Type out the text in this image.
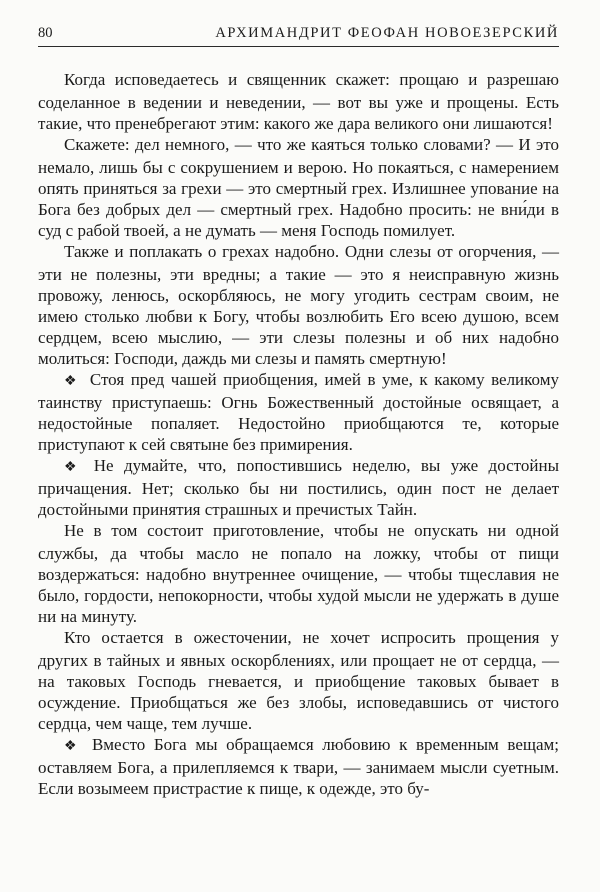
80	АРХИМАНДРИТ ФЕОФАН НОВОЕЗЕРСКИЙ

Когда исповедаетесь и священник скажет: прощаю и разрешаю соделанное в ведении и неведении, — вот вы уже и прощены. Есть такие, что пренебрегают этим: какого же дара великого они лишаются!

Скажете: дел немного, — что же каяться только словами? — И это немало, лишь бы с сокрушением и верою. Но покаяться, с намерением опять приняться за грехи — это смертный грех. Излишнее упование на Бога без добрых дел — смертный грех. Надобно просить: не вни́ди в суд с рабой твоей, а не думать — меня Господь помилует.

Также и поплакать о грехах надобно. Одни слезы от огорчения, — эти не полезны, эти вредны; а такие — это я неисправную жизнь провожу, ленюсь, оскорбляюсь, не могу угодить сестрам своим, не имею столько любви к Богу, чтобы возлюбить Его всею душою, всем сердцем, всею мыслию, — эти слезы полезны и об них надобно молиться: Господи, даждь ми слезы и память смертную!

❖ Стоя пред чашей приобщения, имей в уме, к какому великому таинству приступаешь: Огнь Божественный достойные освящает, а недостойные попаляет. Недостойно приобщаются те, которые приступают к сей святыне без примирения.

❖ Не думайте, что, попостившись неделю, вы уже достойны причащения. Нет; сколько бы ни постились, один пост не делает достойными принятия страшных и пречистых Тайн.

Не в том состоит приготовление, чтобы не опускать ни одной службы, да чтобы масло не попало на ложку, чтобы от пищи воздержаться: надобно внутреннее очищение, — чтобы тщеславия не было, гордости, непокорности, чтобы худой мысли не удержать в душе ни на минуту.

Кто остается в ожесточении, не хочет испросить прощения у других в тайных и явных оскорблениях, или прощает не от сердца, — на таковых Господь гневается, и приобщение таковых бывает в осуждение. Приобщаться же без злобы, исповедавшись от чистого сердца, чем чаще, тем лучше.

❖ Вместо Бога мы обращаемся любовию к временным вещам; оставляем Бога, а прилепляемся к твари, — занимаем мысли суетным. Если возымеем пристрастие к пище, к одежде, это бу-
